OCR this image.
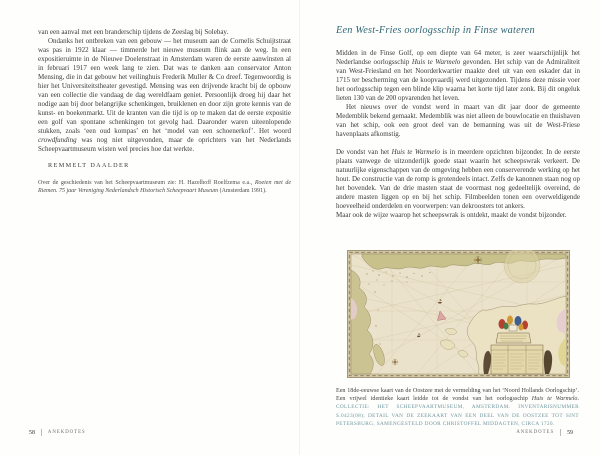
van een aanval met een branderschip tijdens de Zeeslag bij Solebay.

Ondanks het ontbreken van een gebouw — het museum aan de Cornelis Schuijtstraat was pas in 1922 klaar — timmerde het nieuwe museum flink aan de weg. In een expositieruimte in de Nieuwe Doelenstraat in Amsterdam waren de eerste aanwinsten al in februari 1917 een week lang te zien. Dat was te danken aan conservator Anton Mensing, die in dat gebouw het veilinghuis Frederik Muller & Co dreef. Tegenwoordig is hier het Universiteitstheater gevestigd. Mensing was een drijvende kracht bij de opbouw van een collectie die vandaag de dag wereldfaam geniet. Persoonlijk droeg hij daar het nodige aan bij door belangrijke schenkingen, bruiklenen en door zijn grote kennis van de kunst- en boekenmarkt. Uit de kranten van die tijd is op te maken dat de eerste expositie een golf van spontane schenkingen tot gevolg had. Daaronder waren uiteenlopende stukken, zoals ‘een oud kompas’ en het ‘model van een schoenerkof’. Het woord crowdfunding was nog niet uitgevonden, maar de oprichters van het Nederlands Scheepvaartmuseum wisten wel precies hoe dat werkte.

REMMELT DAALDER

Over de geschiedenis van het Scheepvaartmuseum zie: H. Hazelhoff Roelfzema e.a., Roeien met de Riemen. 75 jaar Vereniging Nederlandsch Historisch Scheepvaart Museum (Amsterdam 1991).

58	ANEKDOTES
Een West-Fries oorlogsschip in Finse wateren

Midden in de Finse Golf, op een diepte van 64 meter, is zeer waarschijnlijk het Nederlandse oorlogsschip Huis te Warmelo gevonden. Het schip van de Admiraliteit van West-Friesland en het Noorderkwartier maakte deel uit van een eskader dat in 1715 ter bescherming van de koopvaardij werd uitgezonden. Tijdens deze missie voer het oorlogsschip tegen een blinde klip waarna het korte tijd later zonk. Bij dit ongeluk lieten 130 van de 200 opvarenden het leven.

Het nieuws over de vondst werd in maart van dit jaar door de gemeente Medemblik bekend gemaakt. Medemblik was niet alleen de bouwlocatie en thuishaven van het schip, ook een groot deel van de bemanning was uit de West-Friese havenplaats afkomstig.

De vondst van het Huis te Warmelo is in meerdere opzichten bijzonder. In de eerste plaats vanwege de uitzonderlijk goede staat waarin het scheepswrak verkeert. De natuurlijke eigenschappen van de omgeving hebben een conserverende werking op het hout. De constructie van de romp is grotendeels intact. Zelfs de kanonnen staan nog op het bovendek. Van de drie masten staat de voormast nog gedeeltelijk overeind, de andere masten liggen op en bij het schip. Filmbeelden tonen een overweldigende hoeveelheid onderdelen en voorwerpen: van dekroosters tot ankers.

Maar ook de wijze waarop het scheepswrak is ontdekt, maakt de vondst bijzonder.

Een 18de-eeuwse kaart van de Oostzee met de vermelding van het ‘Noord Hollands Oorlogschip’. Een vrijwel identieke kaart leidde tot de vondst van het oorlogsschip Huis te Warmelo. COLLECTIE: HET SCHEEPVAARTMUSEUM, AMSTERDAM. INVENTARISNUMMER S.0423(08); DETAIL VAN DE ZEEKAART VAN EEN DEEL VAN DE OOSTZEE TOT SINT PETERSBURG, SAMENGESTELD DOOR CHRISTOFFEL MIDDAGTEN, CIRCA 1720.

ANEKDOTES 59
